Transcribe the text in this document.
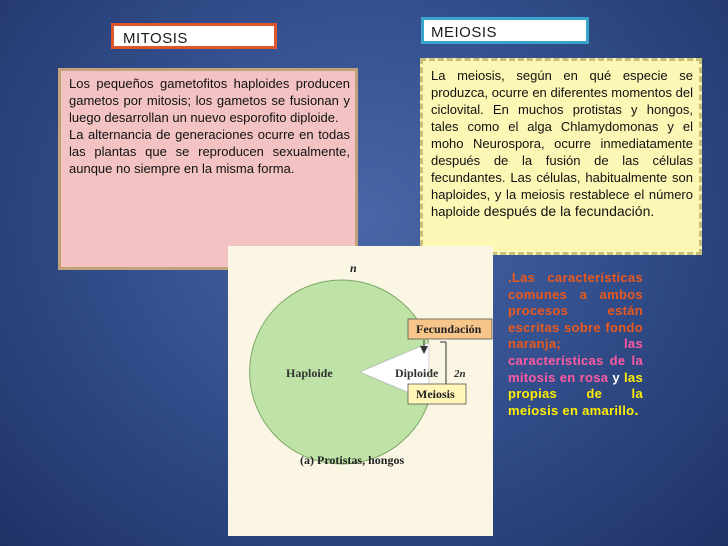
MITOSIS	MEIOSIS
Los pequeños gametofitos haploides producen gametos por mitosis; los gametos se fusionan y luego desarrollan un nuevo esporofito diploide.
La alternancia de generaciones ocurre en todas las plantas que se reproducen sexualmente, aunque no siempre en la misma forma.
La meiosis, según en qué especie se produzca, ocurre en diferentes momentos del ciclovital. En muchos protistas y hongos, tales como el alga Chlamydomonas y el moho Neurospora, ocurre inmediatamente después de la fusión de las células fecundantes. Las células, habitualmente son haploides, y la meiosis restablece el número haploide después de la fecundación.
n
Haploide	Diploide 2n
Fecundación
Meiosis
(a) Protistas, hongos
.Las características comunes a ambos procesos están escritas sobre fondo naranja;	las características de la mitosis en rosa y las propias de la meiosis en amarillo.
